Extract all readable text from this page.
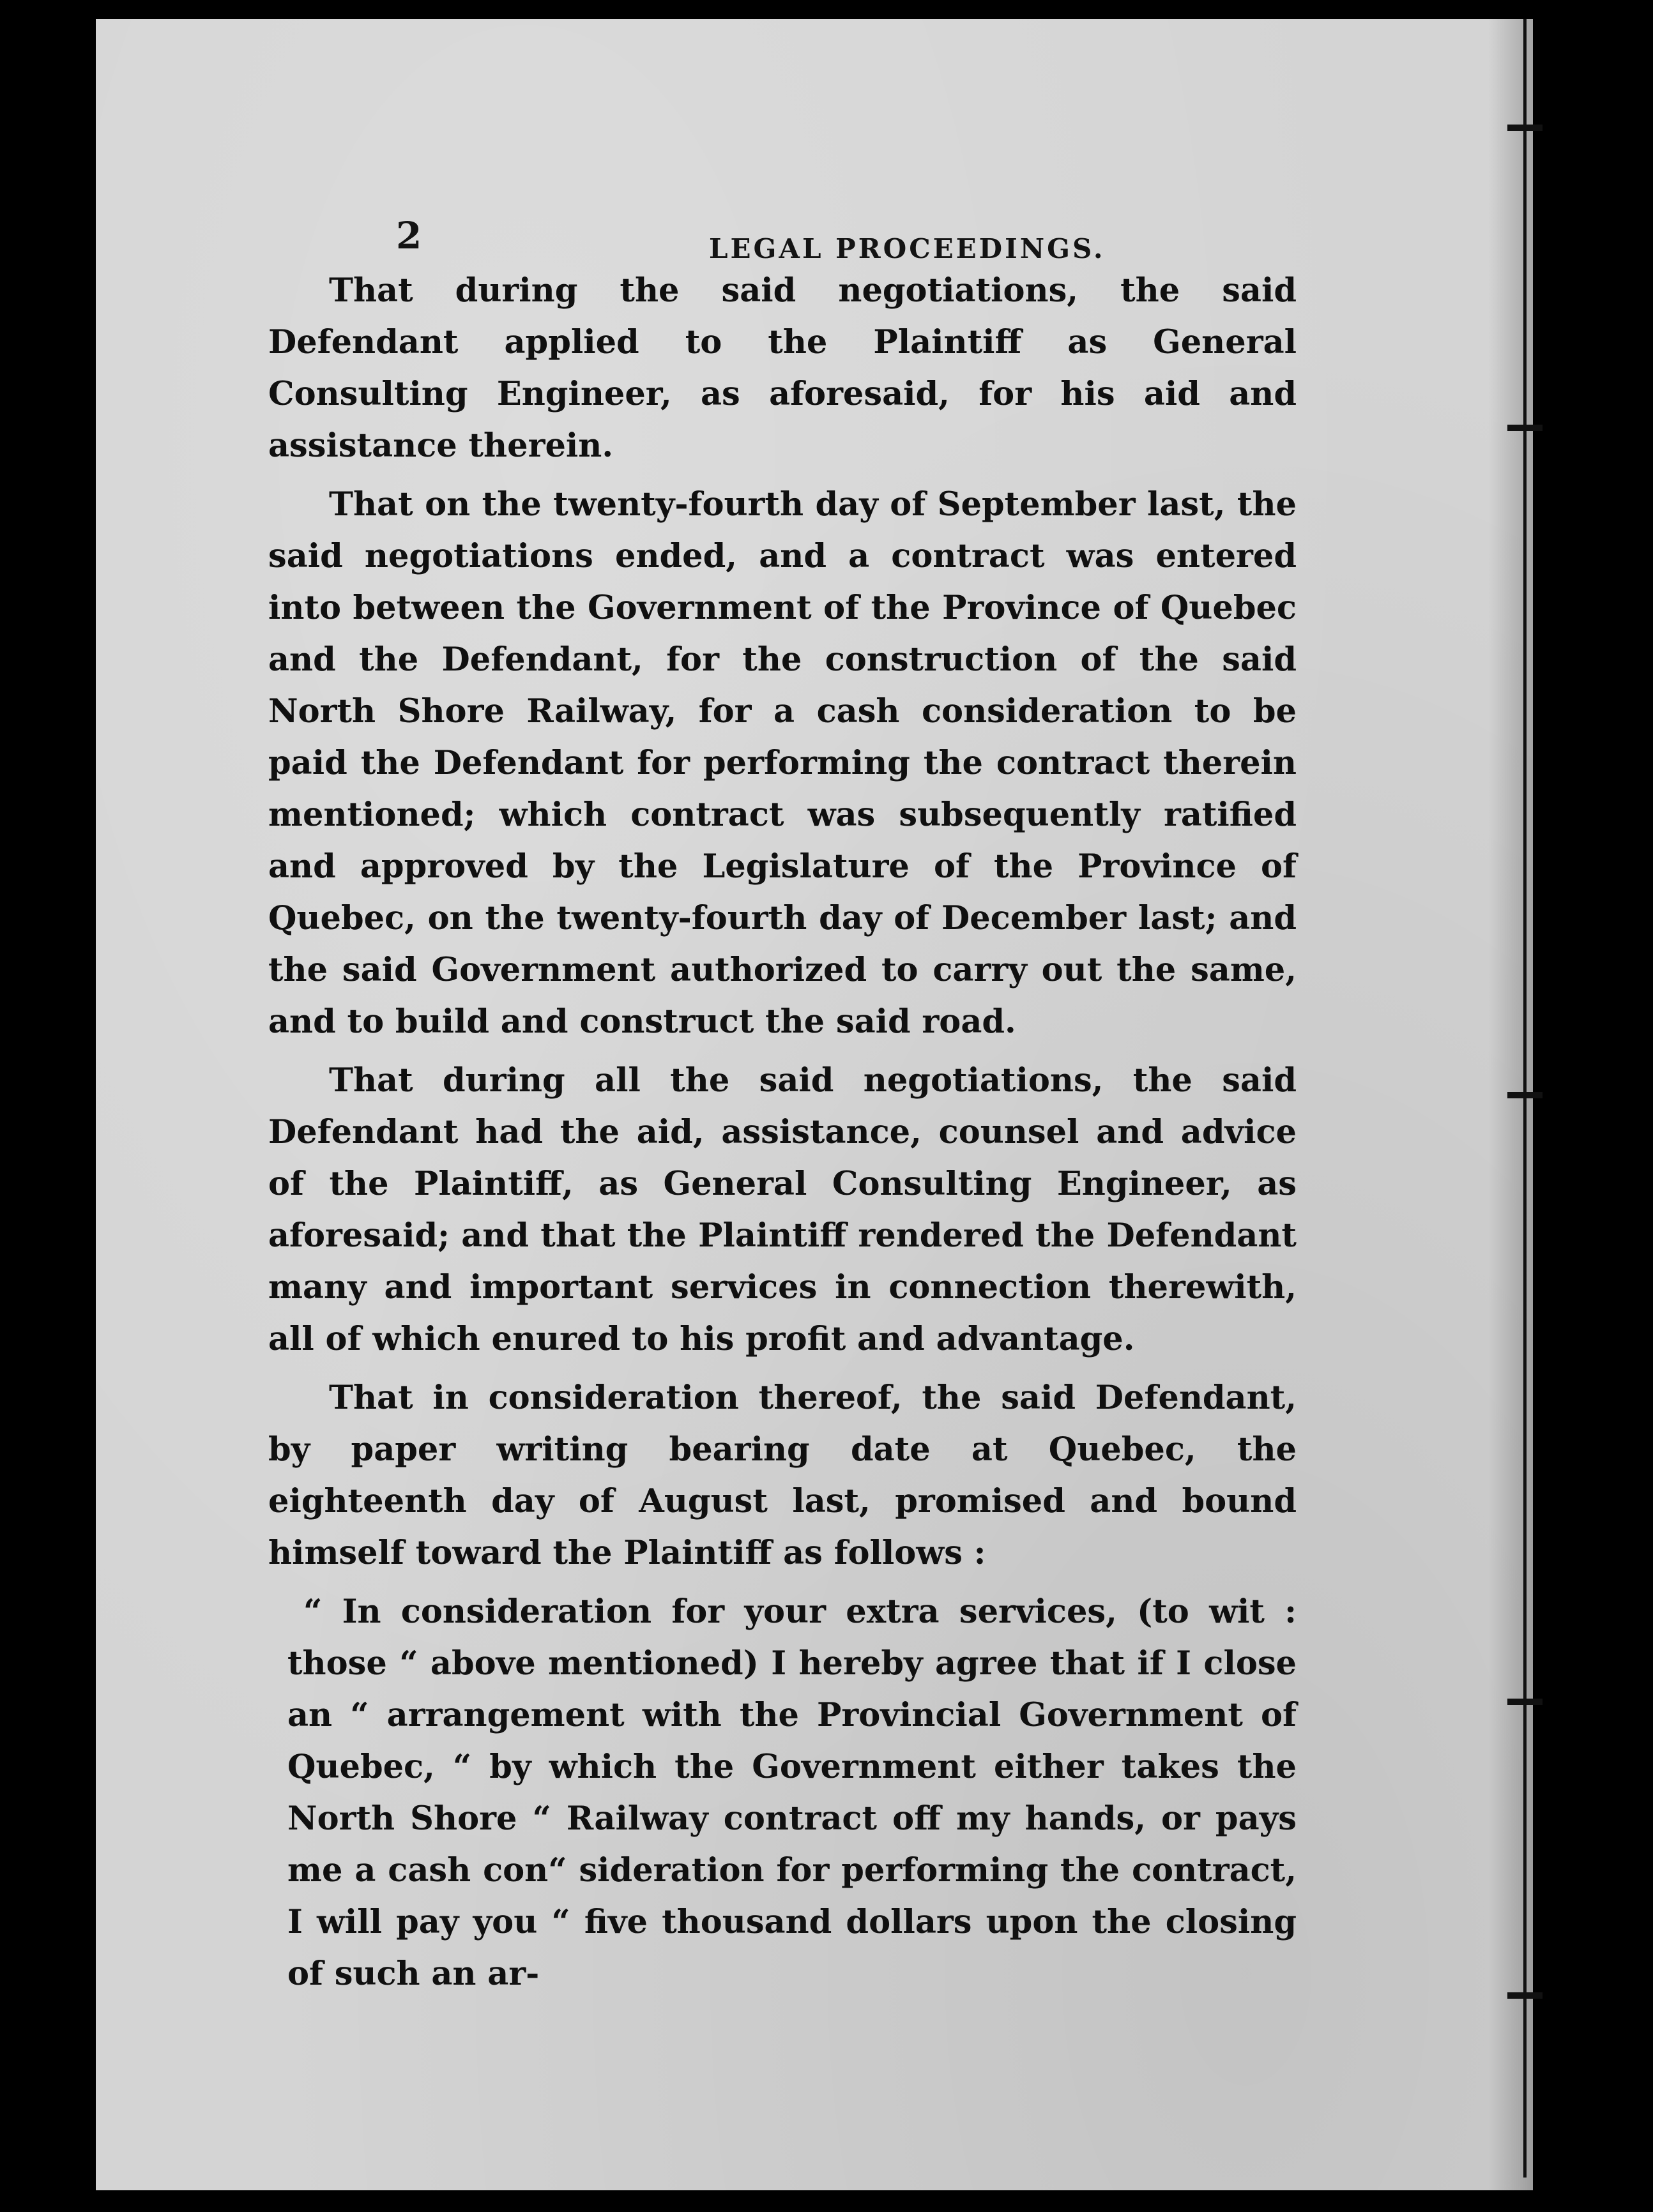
2	LEGAL PROCEEDINGS.

That during the said negotiations, the said Defendant applied to the Plaintiff as General Consulting Engineer, as aforesaid, for his aid and assistance therein.

That on the twenty-fourth day of September last, the said negotiations ended, and a contract was entered into between the Government of the Province of Quebec and the Defendant, for the construction of the said North Shore Railway, for a cash consideration to be paid the Defendant for performing the contract therein mentioned; which contract was subsequently ratified and approved by the Legislature of the Province of Quebec, on the twenty-fourth day of December last; and the said Government authorized to carry out the same, and to build and construct the said road.

That during all the said negotiations, the said Defendant had the aid, assistance, counsel and advice of the Plaintiff, as General Consulting Engineer, as aforesaid; and that the Plaintiff rendered the Defendant many and important services in connection therewith, all of which enured to his profit and advantage.

That in consideration thereof, the said Defendant, by paper writing bearing date at Quebec, the eighteenth day of August last, promised and bound himself toward the Plaintiff as follows :

“ In consideration for your extra services, (to wit : those “ above mentioned) I hereby agree that if I close an “ arrangement with the Provincial Government of Quebec, “ by which the Government either takes the North Shore “ Railway contract off my hands, or pays me a cash con“ sideration for performing the contract, I will pay you “ five thousand dollars upon the closing of such an ar-
